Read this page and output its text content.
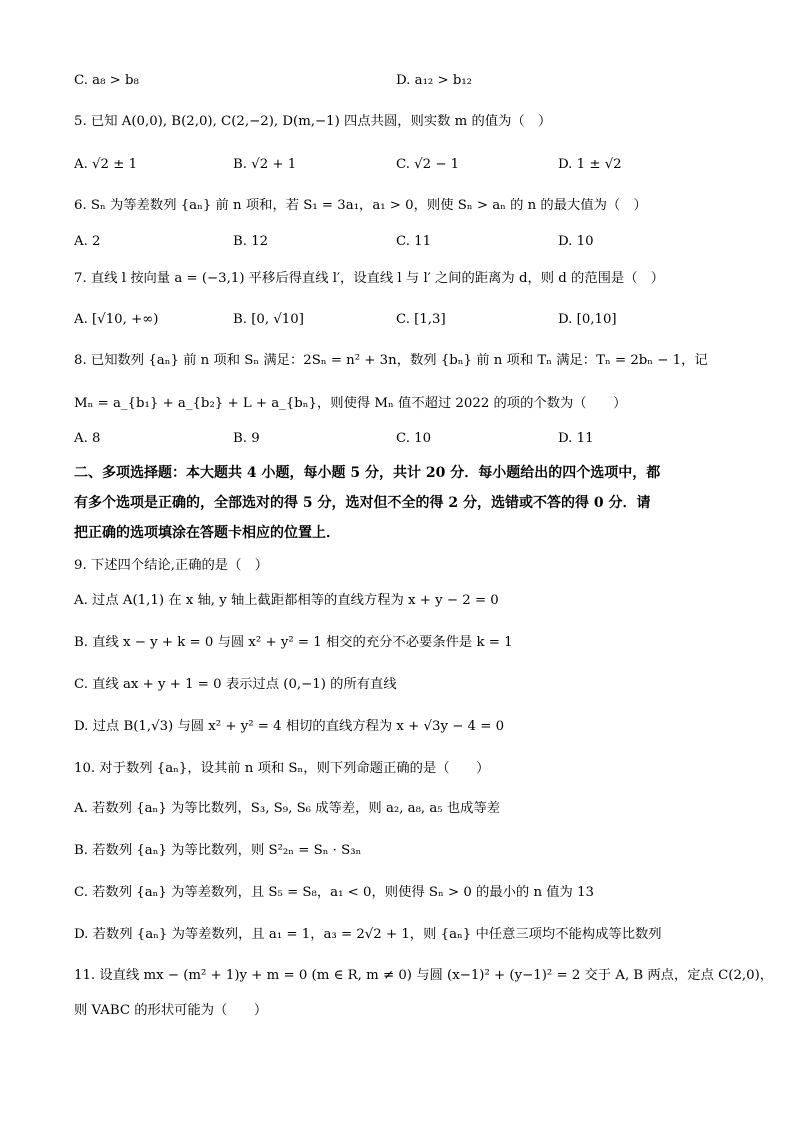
C. a₈ > b₈	D. a₁₂ > b₁₂
5. 已知 A(0,0), B(2,0), C(2,−2), D(m,−1) 四点共圆，则实数 m 的值为（　）
A. √2 ± 1	B. √2 + 1	C. √2 − 1	D. 1 ± √2
6. Sₙ 为等差数列 {aₙ} 前 n 项和，若 S₁ = 3a₁，a₁ > 0，则使 Sₙ > aₙ 的 n 的最大值为（　）
A. 2	B. 12	C. 11	D. 10
7. 直线 l 按向量 a = (−3,1) 平移后得直线 l′，设直线 l 与 l′ 之间的距离为 d，则 d 的范围是（　）
A. [√10, +∞)	B. [0, √10]	C. [1,3]	D. [0,10]
8. 已知数列 {aₙ} 前 n 项和 Sₙ 满足：2Sₙ = n² + 3n，数列 {bₙ} 前 n 项和 Tₙ 满足：Tₙ = 2bₙ − 1，记
Mₙ = a_{b₁} + a_{b₂} + L + a_{bₙ}，则使得 Mₙ 值不超过 2022 的项的个数为（　　）
A. 8	B. 9	C. 10	D. 11
二、多项选择题：本大题共 4 小题，每小题 5 分，共计 20 分．每小题给出的四个选项中，都
有多个选项是正确的，全部选对的得 5 分，选对但不全的得 2 分，选错或不答的得 0 分．请
把正确的选项填涂在答题卡相应的位置上．
9. 下述四个结论,正确的是（　）
A. 过点 A(1,1) 在 x 轴, y 轴上截距都相等的直线方程为 x + y − 2 = 0
B. 直线 x − y + k = 0 与圆 x² + y² = 1 相交的充分不必要条件是 k = 1
C. 直线 ax + y + 1 = 0 表示过点 (0,−1) 的所有直线
D. 过点 B(1,√3) 与圆 x² + y² = 4 相切的直线方程为 x + √3y − 4 = 0
10. 对于数列 {aₙ}，设其前 n 项和 Sₙ，则下列命题正确的是（　　）
A. 若数列 {aₙ} 为等比数列，S₃, S₉, S₆ 成等差，则 a₂, a₈, a₅ 也成等差
B. 若数列 {aₙ} 为等比数列，则 S²₂ₙ = Sₙ · S₃ₙ
C. 若数列 {aₙ} 为等差数列，且 S₅ = S₈，a₁ < 0，则使得 Sₙ > 0 的最小的 n 值为 13
D. 若数列 {aₙ} 为等差数列，且 a₁ = 1，a₃ = 2√2 + 1，则 {aₙ} 中任意三项均不能构成等比数列
11. 设直线 mx − (m² + 1)y + m = 0 (m ∈ R, m ≠ 0) 与圆 (x−1)² + (y−1)² = 2 交于 A, B 两点，定点 C(2,0)，
则 VABC 的形状可能为（　　）
